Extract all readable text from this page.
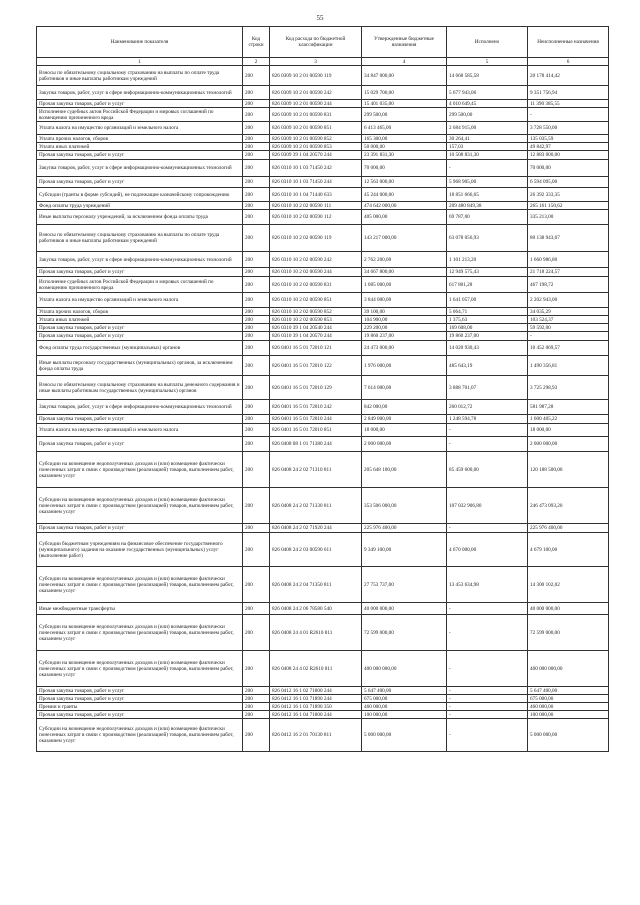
55
Наименование показателя	Код строки	Код расхода по бюджетной классификации	Утвержденные бюджетные назначения	Исполнено	Неисполненные назначения
1	2	3	4	5	6
Взносы по обязательному социальному страхованию на выплаты по оплате труда работников и иные выплаты работникам учреждений	200	826 0309 10 2 01 00590 119	34 847 000,00	14 668 585,58	20 178 414,42
Закупка товаров, работ, услуг в сфере информационно-коммуникационных технологий	200	826 0309 10 2 01 00590 242	15 029 700,00	5 677 943,06	9 351 756,94
Прочая закупка товаров, работ и услуг	200	826 0309 10 2 01 00590 244	15 401 035,00	4 010 649,45	11 390 385,55
Исполнение судебных актов Российской Федерации и мировых соглашений по возмещению причиненного вреда	200	826 0309 10 2 01 00590 831	299 500,00	299 500,00	-
Уплата налога на имущество организаций и земельного налога	200	826 0309 10 2 01 00590 851	6 413 465,00	2 684 915,00	3 728 550,00
Уплата прочих налогов, сборов	200	826 0309 10 2 01 00590 852	165 300,00	30 264,41	135 035,59
Уплата иных платежей	200	826 0309 10 2 01 00590 853	50 000,00	157,03	49 842,97
Прочая закупка товаров, работ и услуг	200	826 0309 39 1 04 20570 244	23 391 831,30	10 508 831,30	12 883 000,00
Закупка товаров, работ, услуг в сфере информационно-коммуникационных технологий	200	826 0310 10 1 03 71450 242	70 000,00	-	70 000,00
Прочая закупка товаров, работ и услуг	200	826 0310 10 1 03 71450 244	12 563 000,00	5 968 905,00	6 594 095,00
Субсидии (гранты в форме субсидий), не подлежащие казначейскому сопровождению	200	826 0310 10 1 04 71440 633	45 244 000,00	18 851 666,65	26 392 333,35
Фонд оплаты труда учреждений	200	826 0310 10 2 02 00590 111	474 642 000,00	209 480 849,38	265 161 150,62
Иные выплаты персоналу учреждений, за исключением фонда оплаты труда	200	826 0310 10 2 02 00590 112	405 000,00	69 787,00	335 213,00
Взносы по обязательному социальному страхованию на выплаты по оплате труда работников и иные выплаты работникам учреждений	200	826 0310 10 2 02 00590 119	143 217 000,00	63 078 056,93	80 138 943,07
Закупка товаров, работ, услуг в сфере информационно-коммуникационных технологий	200	826 0310 10 2 02 00590 242	2 762 200,00	1 101 213,20	1 660 986,80
Прочая закупка товаров, работ и услуг	200	826 0310 10 2 02 00590 244	34 667 800,00	12 949 575,43	21 718 224,57
Исполнение судебных актов Российской Федерации и мировых соглашений по возмещению причиненного вреда	200	826 0310 10 2 02 00590 831	1 085 000,00	617 801,28	467 198,72
Уплата налога на имущество организаций и земельного налога	200	826 0310 10 2 02 00590 851	3 844 000,00	1 641 057,00	2 202 943,00
Уплата прочих налогов, сборов	200	826 0310 10 2 02 00590 852	39 100,00	5 064,71	34 035,29
Уплата иных платежей	200	826 0310 10 2 02 00590 853	104 900,00	1 375,63	103 524,37
Прочая закупка товаров, работ и услуг	200	826 0310 39 1 04 20540 244	229 200,00	169 608,00	59 592,00
Прочая закупка товаров, работ и услуг	200	826 0310 39 1 04 20570 244	19 860 237,00	19 860 237,00	-
Фонд оплаты труда государственных (муниципальных) органов	200	826 0401 16 5 01 72010 121	24 473 000,00	14 020 930,43	10 452 069,57
Иные выплаты персоналу государственных (муниципальных) органов, за исключением фонда оплаты труда	200	826 0401 16 5 01 72010 122	1 976 000,00	485 643,19	1 490 356,81
Взносы по обязательному социальному страхованию на выплаты денежного содержания и иные выплаты работникам государственных (муниципальных) органов	200	826 0401 16 5 01 72010 129	7 614 000,00	3 888 701,07	3 725 298,93
Закупка товаров, работ, услуг в сфере информационно-коммуникационных технологий	200	826 0401 16 5 01 72010 242	842 000,00	260 012,72	581 987,28
Прочая закупка товаров, работ и услуг	200	826 0401 16 5 01 72010 244	2 849 000,00	1 248 594,78	1 600 405,22
Уплата налога на имущество организаций и земельного налога	200	826 0401 16 5 01 72010 851	18 000,00	-	18 000,00
Прочая закупка товаров, работ и услуг	200	826 0408 08 1 01 71380 244	2 000 000,00	-	2 000 000,00
Субсидии на возмещение недополученных доходов и (или) возмещение фактически понесенных затрат в связи с производством (реализацией) товаров, выполнением работ, оказанием услуг	200	826 0408 24 2 02 71310 811	205 648 100,00	85 459 600,00	120 188 500,00
Субсидии на возмещение недополученных доходов и (или) возмещение фактически понесенных затрат в связи с производством (реализацией) товаров, выполнением работ, оказанием услуг	200	826 0408 24 2 02 71330 811	353 506 000,00	107 032 906,80	246 473 093,20
Прочая закупка товаров, работ и услуг	200	826 0408 24 2 02 71920 244	225 976 400,00	-	225 976 400,00
Субсидии бюджетным учреждениям на финансовое обеспечение государственного (муниципального) задания на оказание государственных (муниципальных) услуг (выполнение работ)	200	826 0408 24 2 03 00590 611	9 349 100,00	4 670 000,00	4 679 100,00
Субсидии на возмещение недополученных доходов и (или) возмещение фактически понесенных затрат в связи с производством (реализацией) товаров, выполнением работ, оказанием услуг	200	826 0408 24 2 04 71350 811	27 753 737,00	13 453 634,98	14 300 102,02
Иные межбюджетные трансферты	200	826 0408 24 2 06 78580 540	40 000 000,00	-	40 000 000,00
Субсидии на возмещение недополученных доходов и (или) возмещение фактически понесенных затрат в связи с производством (реализацией) товаров, выполнением работ, оказанием услуг	200	826 0408 24 4 01 R2610 811	72 599 000,00	-	72 599 000,00
Субсидии на возмещение недополученных доходов и (или) возмещение фактически понесенных затрат в связи с производством (реализацией) товаров, выполнением работ, оказанием услуг	200	826 0408 24 4 02 R2610 811	400 000 000,00	-	400 000 000,00
Прочая закупка товаров, работ и услуг	200	826 0412 16 1 02 71800 244	5 647 400,00	-	5 647 400,00
Прочая закупка товаров, работ и услуг	200	826 0412 16 1 03 71890 244	675 000,00	-	675 000,00
Премии и гранты	200	826 0412 16 1 03 71890 350	460 000,00	-	460 000,00
Прочая закупка товаров, работ и услуг	200	826 0412 16 1 04 71800 244	100 000,00	-	100 000,00
Субсидии на возмещение недополученных доходов и (или) возмещение фактически понесенных затрат в связи с производством (реализацией) товаров, выполнением работ, оказанием услуг	200	826 0412 16 2 01 70130 811	5 000 000,00	-	5 000 000,00
